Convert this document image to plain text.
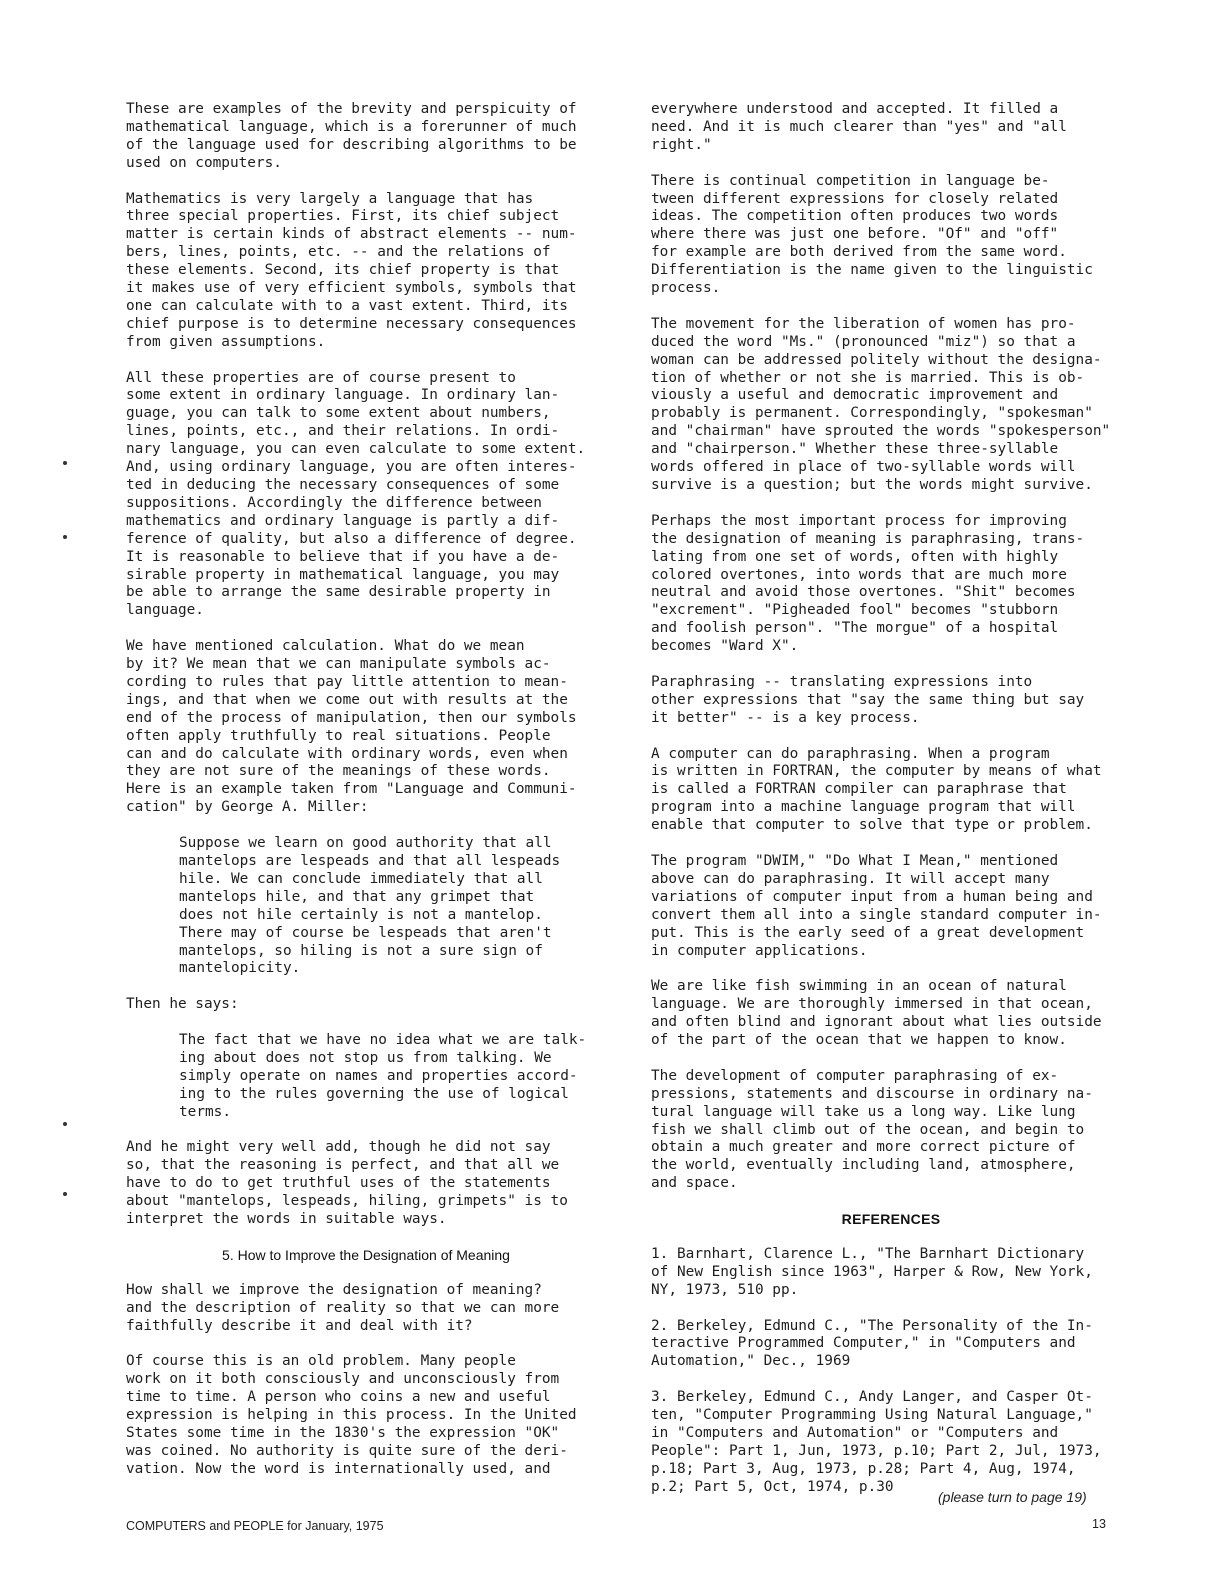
These are examples of the brevity and perspicuity of
mathematical language, which is a forerunner of much
of the language used for describing algorithms to be
used on computers.

Mathematics is very largely a language that has
three special properties. First, its chief subject
matter is certain kinds of abstract elements -- num-
bers, lines, points, etc. -- and the relations of
these elements. Second, its chief property is that
it makes use of very efficient symbols, symbols that
one can calculate with to a vast extent. Third, its
chief purpose is to determine necessary consequences
from given assumptions.

All these properties are of course present to
some extent in ordinary language. In ordinary lan-
guage, you can talk to some extent about numbers,
lines, points, etc., and their relations. In ordi-
nary language, you can even calculate to some extent.
And, using ordinary language, you are often interes-
ted in deducing the necessary consequences of some
suppositions. Accordingly the difference between
mathematics and ordinary language is partly a dif-
ference of quality, but also a difference of degree.
It is reasonable to believe that if you have a de-
sirable property in mathematical language, you may
be able to arrange the same desirable property in
language.

We have mentioned calculation. What do we mean
by it? We mean that we can manipulate symbols ac-
cording to rules that pay little attention to mean-
ings, and that when we come out with results at the
end of the process of manipulation, then our symbols
often apply truthfully to real situations. People
can and do calculate with ordinary words, even when
they are not sure of the meanings of these words.
Here is an example taken from "Language and Communi-
cation" by George A. Miller:

Suppose we learn on good authority that all
mantelops are lespeads and that all lespeads
hile. We can conclude immediately that all
mantelops hile, and that any grimpet that
does not hile certainly is not a mantelop.
There may of course be lespeads that aren't
mantelops, so hiling is not a sure sign of
mantelopicity.

Then he says:

The fact that we have no idea what we are talk-
ing about does not stop us from talking. We
simply operate on names and properties accord-
ing to the rules governing the use of logical
terms.

And he might very well add, though he did not say
so, that the reasoning is perfect, and that all we
have to do to get truthful uses of the statements
about "mantelops, lespeads, hiling, grimpets" is to
interpret the words in suitable ways.

5. How to Improve the Designation of Meaning

How shall we improve the designation of meaning?
and the description of reality so that we can more
faithfully describe it and deal with it?

Of course this is an old problem. Many people
work on it both consciously and unconsciously from
time to time. A person who coins a new and useful
expression is helping in this process. In the United
States some time in the 1830's the expression "OK"
was coined. No authority is quite sure of the deri-
vation. Now the word is internationally used, and

everywhere understood and accepted. It filled a
need. And it is much clearer than "yes" and "all
right."

There is continual competition in language be-
tween different expressions for closely related
ideas. The competition often produces two words
where there was just one before. "Of" and "off"
for example are both derived from the same word.
Differentiation is the name given to the linguistic
process.

The movement for the liberation of women has pro-
duced the word "Ms." (pronounced "miz") so that a
woman can be addressed politely without the designa-
tion of whether or not she is married. This is ob-
viously a useful and democratic improvement and
probably is permanent. Correspondingly, "spokesman"
and "chairman" have sprouted the words "spokesperson"
and "chairperson." Whether these three-syllable
words offered in place of two-syllable words will
survive is a question; but the words might survive.

Perhaps the most important process for improving
the designation of meaning is paraphrasing, trans-
lating from one set of words, often with highly
colored overtones, into words that are much more
neutral and avoid those overtones. "Shit" becomes
"excrement". "Pigheaded fool" becomes "stubborn
and foolish person". "The morgue" of a hospital
becomes "Ward X".

Paraphrasing -- translating expressions into
other expressions that "say the same thing but say
it better" -- is a key process.

A computer can do paraphrasing. When a program
is written in FORTRAN, the computer by means of what
is called a FORTRAN compiler can paraphrase that
program into a machine language program that will
enable that computer to solve that type or problem.

The program "DWIM," "Do What I Mean," mentioned
above can do paraphrasing. It will accept many
variations of computer input from a human being and
convert them all into a single standard computer in-
put. This is the early seed of a great development
in computer applications.

We are like fish swimming in an ocean of natural
language. We are thoroughly immersed in that ocean,
and often blind and ignorant about what lies outside
of the part of the ocean that we happen to know.

The development of computer paraphrasing of ex-
pressions, statements and discourse in ordinary na-
tural language will take us a long way. Like lung
fish we shall climb out of the ocean, and begin to
obtain a much greater and more correct picture of
the world, eventually including land, atmosphere,
and space.

REFERENCES

1. Barnhart, Clarence L., "The Barnhart Dictionary
of New English since 1963", Harper & Row, New York,
NY, 1973, 510 pp.

2. Berkeley, Edmund C., "The Personality of the In-
teractive Programmed Computer," in "Computers and
Automation," Dec., 1969

3. Berkeley, Edmund C., Andy Langer, and Casper Ot-
ten, "Computer Programming Using Natural Language,"
in "Computers and Automation" or "Computers and
People": Part 1, Jun, 1973, p.10; Part 2, Jul, 1973,
p.18; Part 3, Aug, 1973, p.28; Part 4, Aug, 1974,
p.2; Part 5, Oct, 1974, p.30

(please turn to page 19)
COMPUTERS and PEOPLE for January, 1975	13
